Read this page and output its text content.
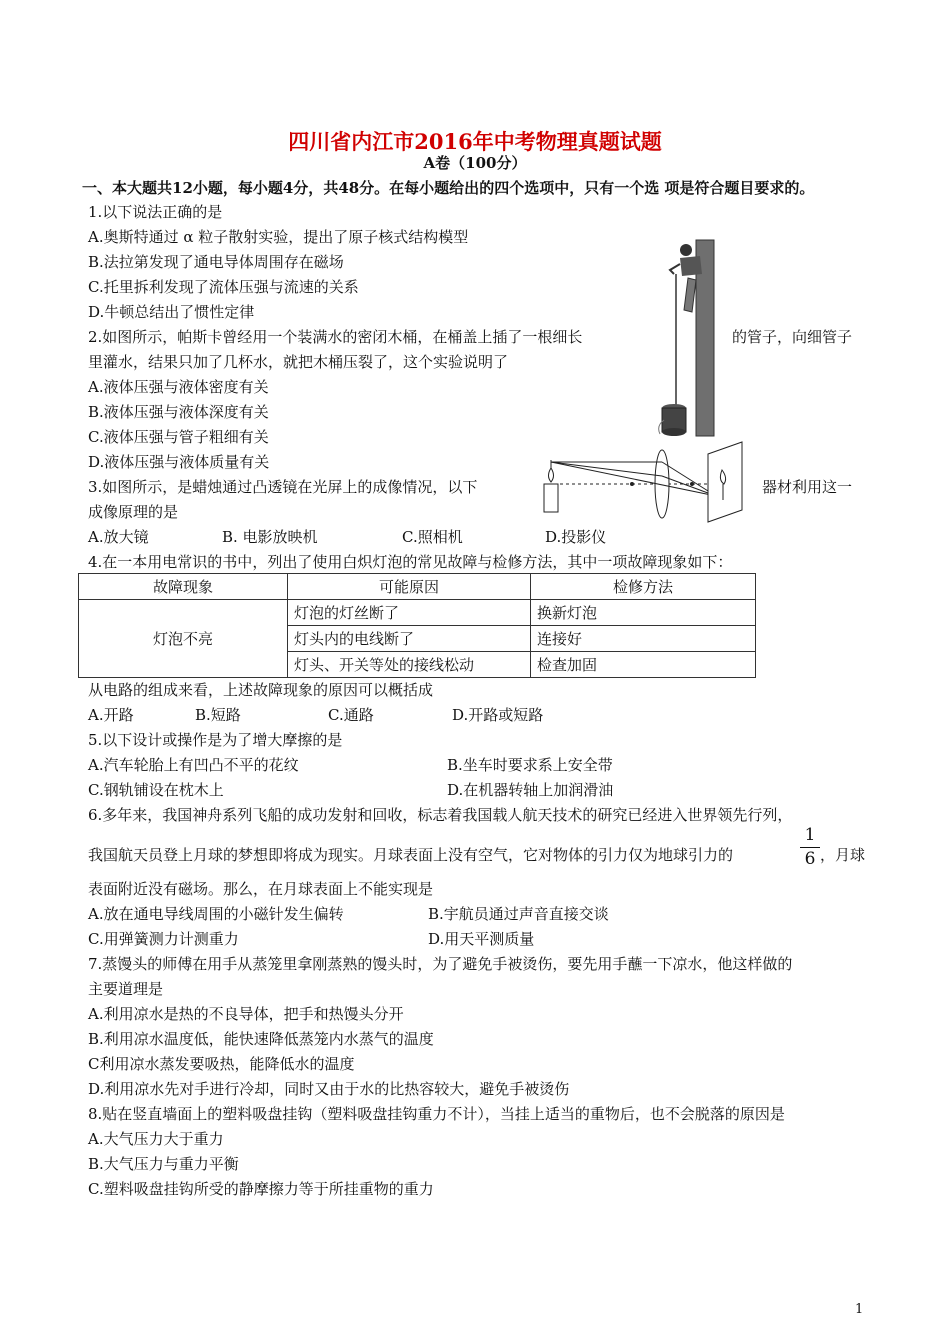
四川省内江市2016年中考物理真题试题
A卷（100分）
一、本大题共12小题，每小题4分，共48分。在每小题给出的四个选项中，只有一个选 项是符合题目要求的。
1.以下说法正确的是
A.奥斯特通过 α 粒子散射实验，提出了原子核式结构模型
B.法拉第发现了通电导体周围存在磁场
C.托里拆利发现了流体压强与流速的关系
D.牛顿总结出了惯性定律
2.如图所示，帕斯卡曾经用一个装满水的密闭木桶，在桶盖上插了一根细长	的管子，向细管子
里灌水，结果只加了几杯水，就把木桶压裂了，这个实验说明了
A.液体压强与液体密度有关
B.液体压强与液体深度有关
C.液体压强与管子粗细有关
D.液体压强与液体质量有关
3.如图所示，是蜡烛通过凸透镜在光屏上的成像情况，以下	器材利用这一
成像原理的是
A.放大镜	B. 电影放映机	C.照相机	D.投影仪
4.在一本用电常识的书中，列出了使用白炽灯泡的常见故障与检修方法，其中一项故障现象如下：
故障现象	可能原因	检修方法
灯泡不亮	灯泡的灯丝断了	换新灯泡
	灯头内的电线断了	连接好
	灯头、开关等处的接线松动	检查加固
从电路的组成来看，上述故障现象的原因可以概括成
A.开路	B.短路	C.通路	D.开路或短路
5.以下设计或操作是为了增大摩擦的是
A.汽车轮胎上有凹凸不平的花纹	B.坐车时要求系上安全带
C.钢轨铺设在枕木上	D.在机器转轴上加润滑油
6.多年来，我国神舟系列飞船的成功发射和回收，标志着我国载人航天技术的研究已经进入世界领先行列，
我国航天员登上月球的梦想即将成为现实。月球表面上没有空气，它对物体的引力仅为地球引力的
1
6 ，月球
表面附近没有磁场。那么，在月球表面上不能实现是
A.放在通电导线周围的小磁针发生偏转	B.宇航员通过声音直接交谈
C.用弹簧测力计测重力	D.用天平测质量
7.蒸馒头的师傅在用手从蒸笼里拿刚蒸熟的馒头时，为了避免手被烫伤，要先用手蘸一下凉水，他这样做的
主要道理是
A.利用凉水是热的不良导体，把手和热馒头分开
B.利用凉水温度低，能快速降低蒸笼内水蒸气的温度
C利用凉水蒸发要吸热，能降低水的温度
D.利用凉水先对手进行冷却，同时又由于水的比热容较大，避免手被烫伤
8.贴在竖直墙面上的塑料吸盘挂钩（塑料吸盘挂钩重力不计），当挂上适当的重物后，也不会脱落的原因是
A.大气压力大于重力
B.大气压力与重力平衡
C.塑料吸盘挂钩所受的静摩擦力等于所挂重物的重力
1
